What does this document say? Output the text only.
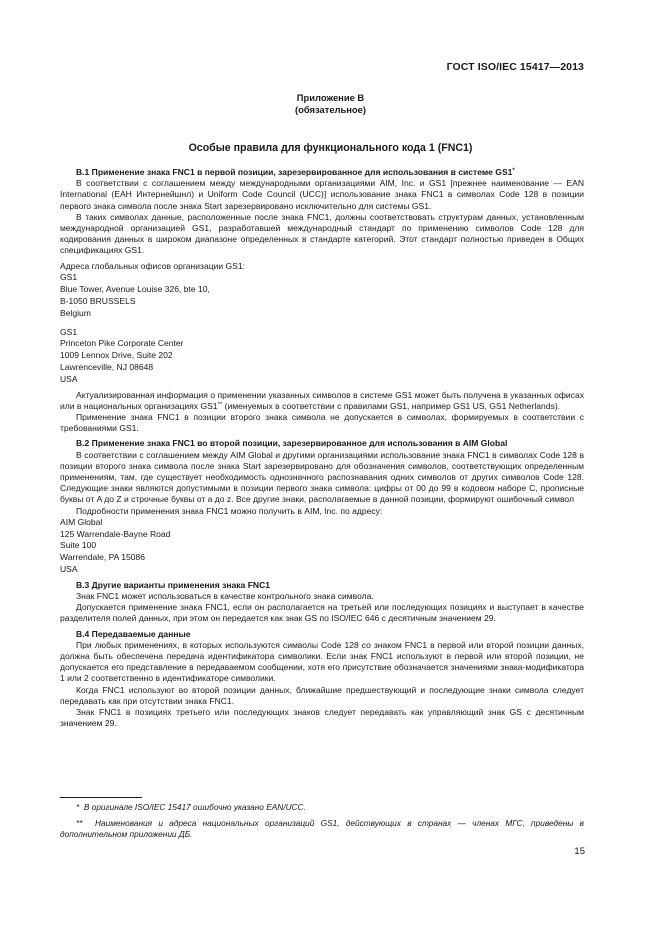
ГОСТ ISO/IEC 15417—2013
Приложение В
(обязательное)
Особые правила для функционального кода 1 (FNC1)

В.1 Применение знака FNC1 в первой позиции, зарезервированное для использования в системе GS1*

В соответствии с соглашением между международными организациями AIM, Inc. и GS1 [прежнее наименование — EAN International (EAH Интернейшнл) и Uniform Code Council (UCC)] использование знака FNC1 в символах Code 128 в позиции первого знака символа после знака Start зарезервировано исключительно для системы GS1.

В таких символах данные, расположенные после знака FNC1, должны соответствовать структурам данных, установленным международной организацией GS1, разработавшей международный стандарт по применению символов Code 128 для кодирования данных в широком диапазоне определенных в стандарте категорий. Этот стандарт полностью приведен в Общих спецификациях GS1.

Адреса глобальных офисов организации GS1:

GS1

Blue Tower, Avenue Louise 326, bte 10,

B-1050 BRUSSELS

Belgium

GS1

Princeton Pike Corporate Center

1009 Lennox Drive, Suite 202

Lawrenceville, NJ 08648

USA

Актуализированная информация о применении указанных символов в системе GS1 может быть получена в указанных офисах или в национальных организациях GS1** (именуемых в соответствии с правилами GS1, например GS1 US, GS1 Netherlands).

Применение знака FNC1 в позиции второго знака символа не допускается в символах, формируемых в соответствии с требованиями GS1.

В.2 Применение знака FNC1 во второй позиции, зарезервированное для использования в AIM Global

В соответствии с соглашением между AIM Global и другими организациями использование знака FNC1 в символах Code 128 в позиции второго знака символа после знака Start зарезервировано для обозначения символов, соответствующих определенным применениям, там, где существует необходимость однозначного распознавания одних символов от других символов Code 128. Следующие знаки являются допустимыми в позиции первого знака символа: цифры от 00 до 99 в кодовом наборе С, прописные буквы от A до Z и строчные буквы от a до z. Все другие знаки, располагаемые в данной позиции, формируют ошибочный символ

Подробности применения знака FNC1 можно получить в AIM, Inc. по адресу:

AIM Global

125 Warrendale-Bayne Road

Suite 100

Warrendale, PA 15086

USA

В.3 Другие варианты применения знака FNC1

Знак FNC1 может использоваться в качестве контрольного знака символа.

Допускается применение знака FNC1, если он располагается на третьей или последующих позициях и выступает в качестве разделителя полей данных, при этом он передается как знак GS по ISO/IEC 646 с десятичным значением 29.

В.4 Передаваемые данные

При любых применениях, в которых используются символы Code 128 со знаком FNC1 в первой или второй позиции данных, должна быть обеспечена передача идентификатора символики. Если знак FNC1 используют в первой или второй позиции, не допускается его представление в передаваемом сообщении, хотя его присутствие обозначается значениями знака-модификатора 1 или 2 соответственно в идентификаторе символики.

Когда FNC1 используют во второй позиции данных, ближайшие предшествующий и последующие знаки символа следует передавать как при отсутствии знака FNC1.

Знак FNC1 в позициях третьего или последующих знаков следует передавать как управляющий знак GS с десятичным значением 29.

* В оригинале ISO/IEC 15417 ошибочно указано EAN/UCC.
** Наименования и адреса национальных организаций GS1, действующих в странах — членах МГС, приведены в дополнительном приложении ДБ.
15
